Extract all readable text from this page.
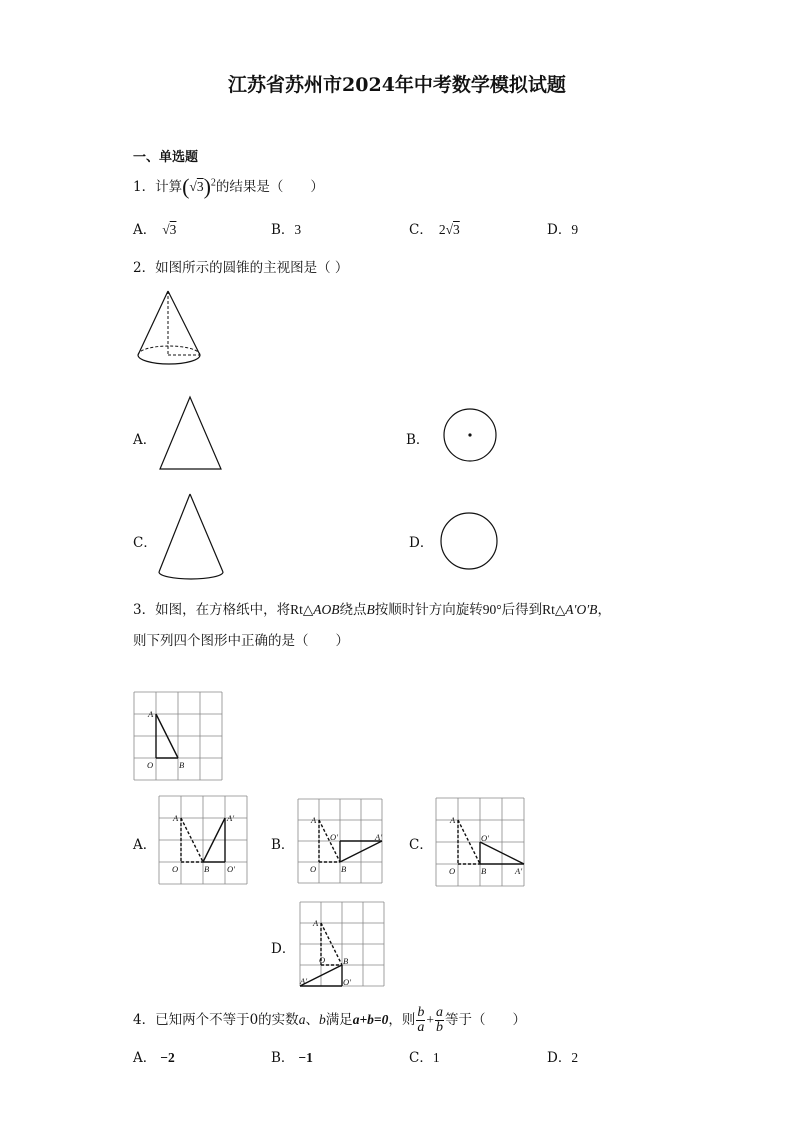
江苏省苏州市2024年中考数学模拟试题
一、单选题
1．计算$(√3)^2$的结果是（　　）
A． √3	B．3	C． 2√3	D．9
2．如图所示的圆锥的主视图是（ ）
A．	B．
C．	D．
3．如图，在方格纸中，将Rt△AOB绕点B按顺时针方向旋转90°后得到Rt△A′O′B，
则下列四个图形中正确的是（　　）
A
O	B
A．	B．	C．
D．
A
O	B
A′
O′
A
O	B
O′	A′
A
O	B
O′
A′
A
O B
A′	O′
4．已知两个不等于0的实数a、b满足a+b=0，则 $\frac{b}{a} + \frac{a}{b}$ 等于（　　）
A． −2	B． −1	C．1	D．2
